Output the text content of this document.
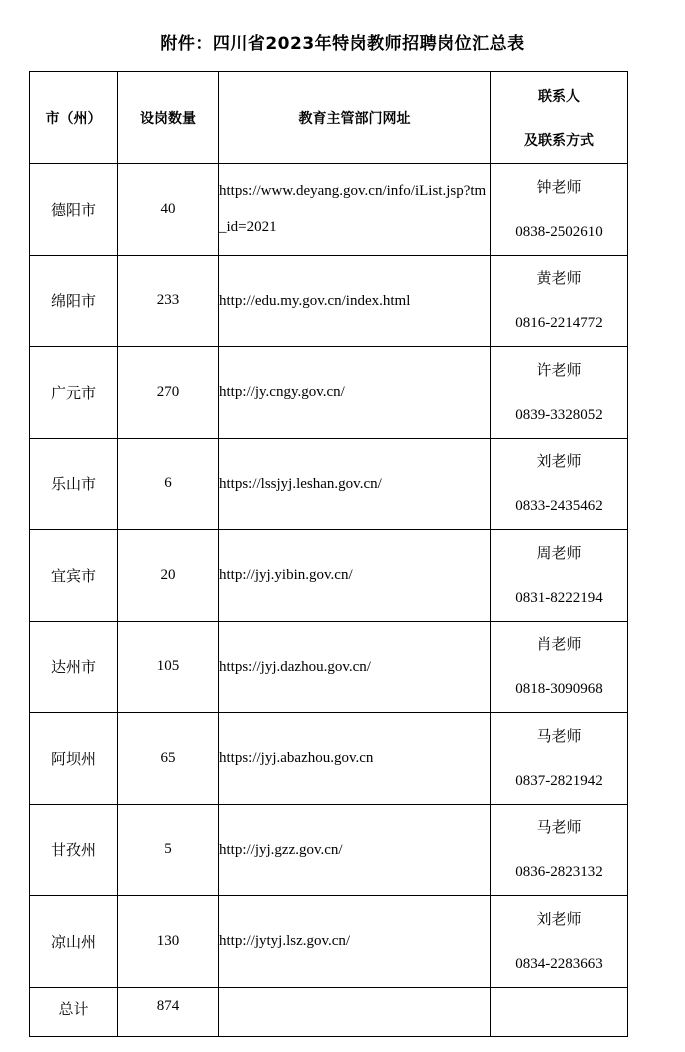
附件：四川省2023年特岗教师招聘岗位汇总表
市（州）	设岗数量	教育主管部门网址	联系人
及联系方式

德阳市	40	https://www.deyang.gov.cn/info/iList.jsp?tm_id=2021	钟老师
0838-2502610

绵阳市	233	http://edu.my.gov.cn/index.html	黄老师
0816-2214772

广元市	270	http://jy.cngy.gov.cn/	许老师
0839-3328052

乐山市	6	https://lssjyj.leshan.gov.cn/	刘老师
0833-2435462

宜宾市	20	http://jyj.yibin.gov.cn/	周老师
0831-8222194

达州市	105	https://jyj.dazhou.gov.cn/	肖老师
0818-3090968

阿坝州	65	https://jyj.abazhou.gov.cn	马老师
0837-2821942

甘孜州	5	http://jyj.gzz.gov.cn/	马老师
0836-2823132

凉山州	130	http://jytyj.lsz.gov.cn/	刘老师
0834-2283663

总计	874		
